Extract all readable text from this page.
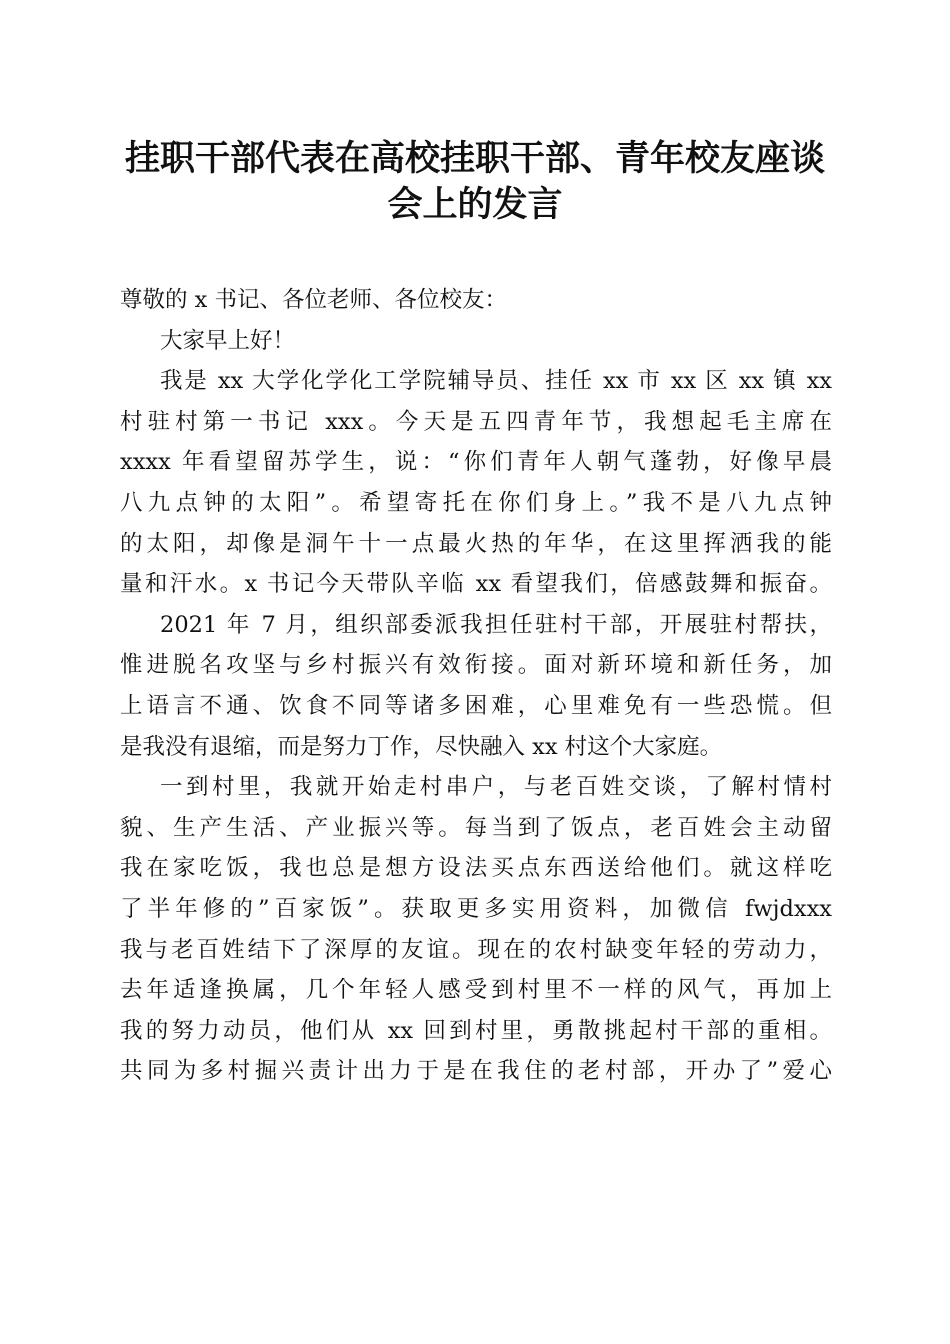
挂职干部代表在高校挂职干部、青年校友座谈
会上的发言
尊敬的 x 书记、各位老师、各位校友：
大家早上好！
我是 xx 大学化学化工学院辅导员、挂任 xx 市 xx 区 xx 镇 xx
村驻村第一书记 xxx。今天是五四青年节，我想起毛主席在
xxxx 年看望留苏学生，说：“你们青年人朝气蓬勃，好像早晨
八九点钟的太阳”。希望寄托在你们身上。”我不是八九点钟
的太阳，却像是洞午十一点最火热的年华，在这里挥洒我的能
量和汗水。x 书记今天带队辛临 xx 看望我们，倍感鼓舞和振奋。
2021 年 7 月，组织部委派我担任驻村干部，开展驻村帮扶，
惟进脱名攻坚与乡村振兴有效衔接。面对新环境和新任务，加
上语言不通、饮食不同等诸多困难，心里难免有一些恐慌。但
是我没有退缩，而是努力丁作，尽快融入 xx 村这个大家庭。
一到村里，我就开始走村串户，与老百姓交谈，了解村情村
貌、生产生活、产业振兴等。每当到了饭点，老百姓会主动留
我在家吃饭，我也总是想方设法买点东西送给他们。就这样吃
了半年修的”百家饭”。获取更多实用资料，加微信 fwjdxxx
我与老百姓结下了深厚的友谊。现在的农村缺变年轻的劳动力，
去年适逢换属，几个年轻人感受到村里不一样的风气，再加上
我的努力动员，他们从 xx 回到村里，勇散挑起村干部的重相。
共同为多村掘兴责计出力于是在我住的老村部，开办了”爱心
